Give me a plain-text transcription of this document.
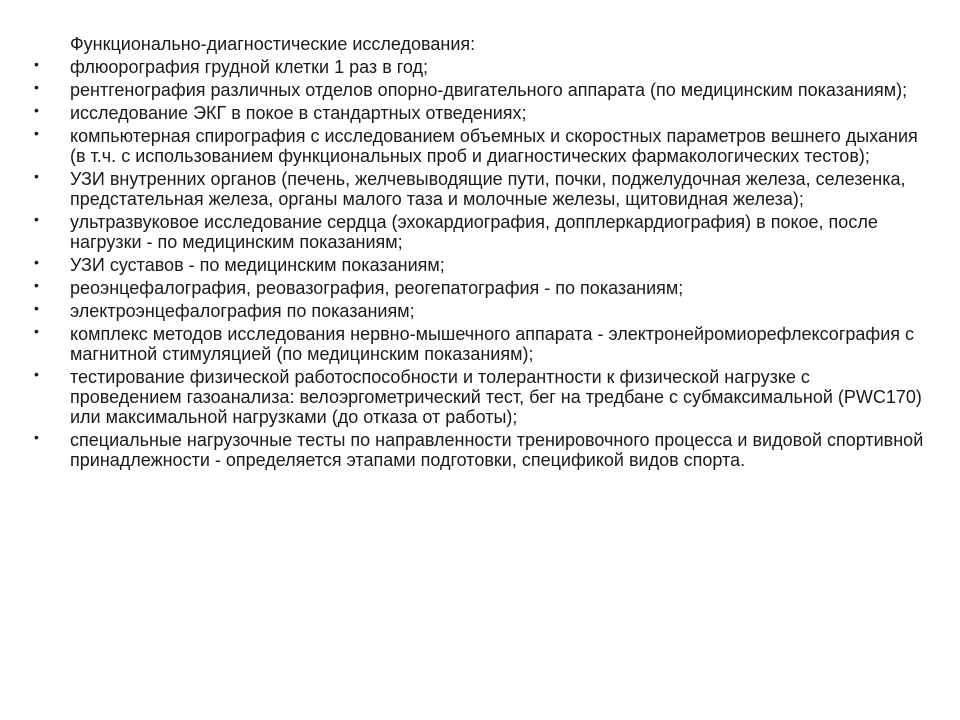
Функционально-диагностические исследования:

•	флюорография грудной клетки 1 раз в год;
•	рентгенография различных отделов опорно-двигательного аппарата (по медицинским показаниям);
•	исследование ЭКГ в покое в стандартных отведениях;
•	компьютерная спирография с исследованием объемных и скоростных параметров вешнего дыхания (в т.ч. с использованием функциональных проб и диагностических фармакологических тестов);
•	УЗИ внутренних органов (печень, желчевыводящие пути, почки, поджелудочная железа, селезенка, предстательная железа, органы малого таза и молочные железы, щитовидная железа);
•	ультразвуковое исследование сердца (эхокардиография, допплеркардиография) в покое, после нагрузки - по медицинским показаниям;
•	УЗИ суставов - по медицинским показаниям;
•	реоэнцефалография, реовазография, реогепатография - по показаниям;
•	электроэнцефалография по показаниям;
•	комплекс методов исследования нервно-мышечного аппарата - электронейромиорефлексография с магнитной стимуляцией (по медицинским показаниям);
•	тестирование физической работоспособности и толерантности к физической нагрузке с проведением газоанализа: велоэргометрический тест, бег на тредбане с субмаксимальной (PWC170) или максимальной нагрузками (до отказа от работы);
•	специальные нагрузочные тесты по направленности тренировочного процесса и видовой спортивной принадлежности - определяется этапами подготовки, спецификой видов спорта.
